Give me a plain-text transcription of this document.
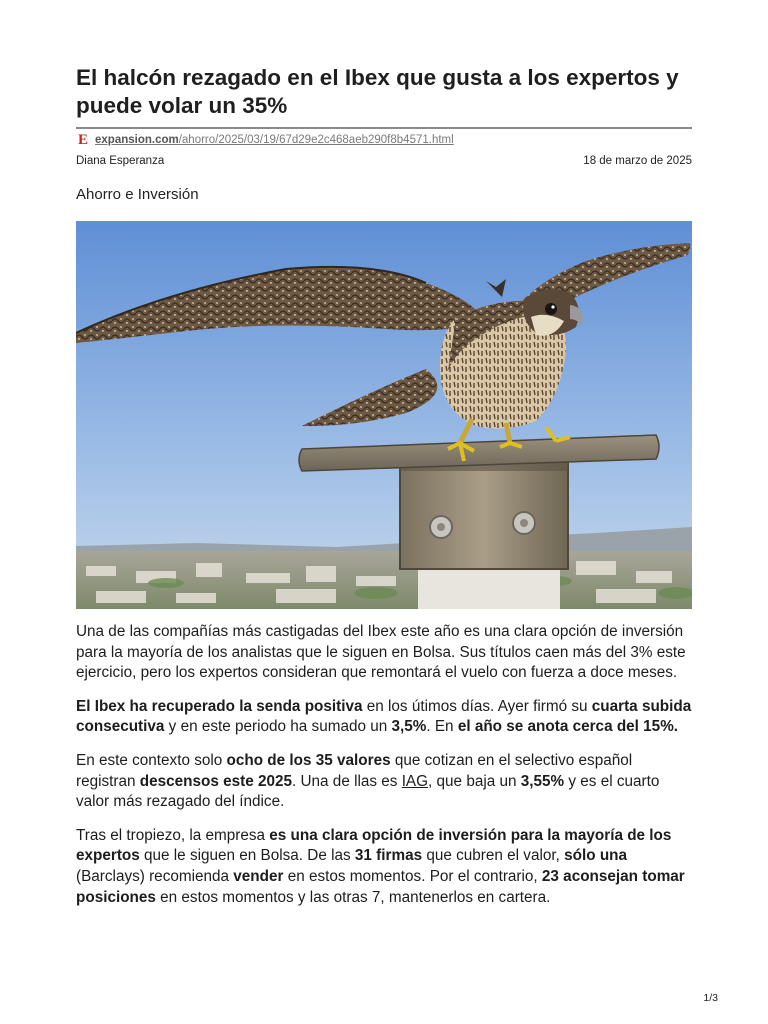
El halcón rezagado en el Ibex que gusta a los expertos y puede volar un 35%
E expansion.com/ahorro/2025/03/19/67d29e2c468aeb290f8b4571.html
Diana Esperanza	18 de marzo de 2025
Ahorro e Inversión

Una de las compañías más castigadas del Ibex este año es una clara opción de inversión para la mayoría de los analistas que le siguen en Bolsa. Sus títulos caen más del 3% este ejercicio, pero los expertos consideran que remontará el vuelo con fuerza a doce meses.

El Ibex ha recuperado la senda positiva en los útimos días. Ayer firmó su cuarta subida consecutiva y en este periodo ha sumado un 3,5%. En el año se anota cerca del 15%.

En este contexto solo ocho de los 35 valores que cotizan en el selectivo español registran descensos este 2025. Una de llas es IAG, que baja un 3,55% y es el cuarto valor más rezagado del índice.

Tras el tropiezo, la empresa es una clara opción de inversión para la mayoría de los expertos que le siguen en Bolsa. De las 31 firmas que cubren el valor, sólo una (Barclays) recomienda vender en estos momentos. Por el contrario, 23 aconsejan tomar posiciones en estos momentos y las otras 7, mantenerlos en cartera.

1/3
